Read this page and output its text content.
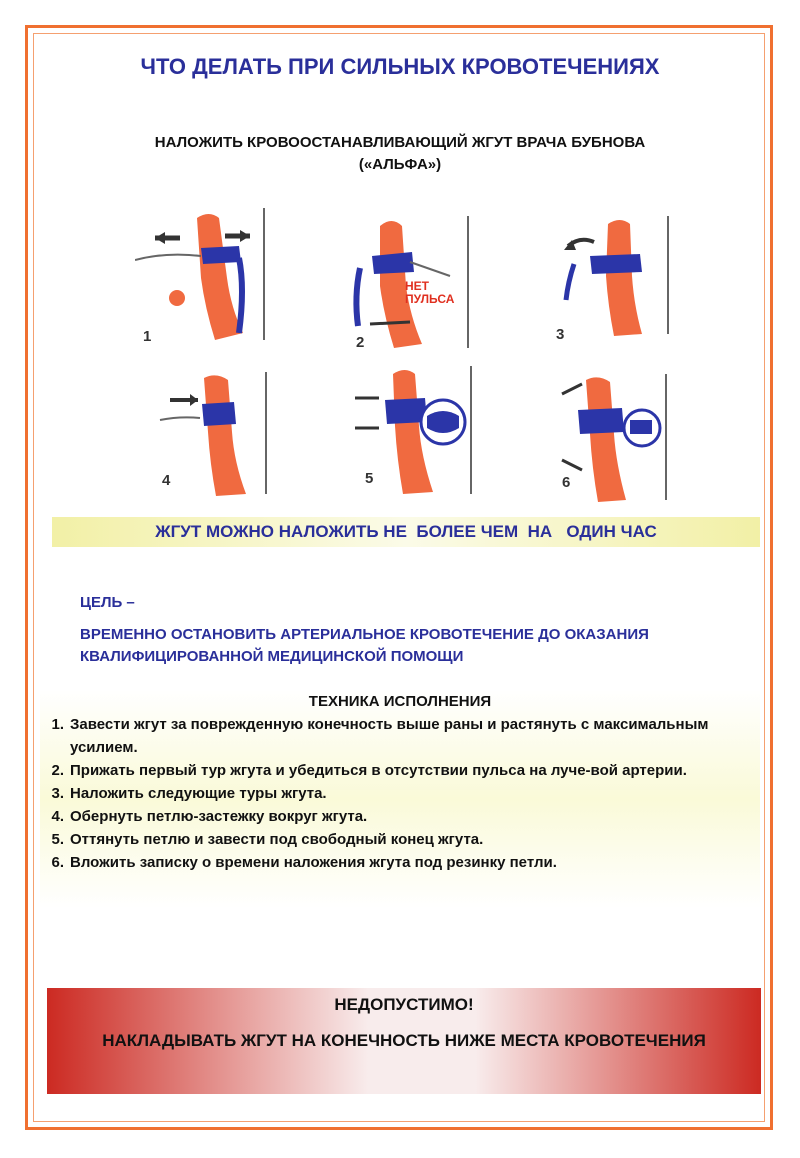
ЧТО ДЕЛАТЬ ПРИ СИЛЬНЫХ КРОВОТЕЧЕНИЯХ
НАЛОЖИТЬ КРОВООСТАНАВЛИВАЮЩИЙ ЖГУТ ВРАЧА БУБНОВА
(«АЛЬФА»)
1	2
НЕТ
ПУЛЬСА
3
4	5	6
ЖГУТ МОЖНО НАЛОЖИТЬ НЕ  БОЛЕЕ ЧЕМ  НА   ОДИН ЧАС
ЦЕЛЬ –
ВРЕМЕННО ОСТАНОВИТЬ АРТЕРИАЛЬНОЕ КРОВОТЕЧЕНИЕ ДО ОКАЗАНИЯ КВАЛИФИЦИРОВАННОЙ МЕДИЦИНСКОЙ ПОМОЩИ
ТЕХНИКА ИСПОЛНЕНИЯ
1. Завести жгут за поврежденную конечность выше раны и растянуть с максимальным усилием.
2. Прижать первый тур жгута и убедиться в отсутствии пульса на луче-вой артерии.
3. Наложить следующие туры жгута.
4. Обернуть петлю-застежку вокруг жгута.
5. Оттянуть петлю и завести под свободный конец жгута.
6. Вложить записку о времени наложения жгута под резинку петли.
НЕДОПУСТИМО!
НАКЛАДЫВАТЬ ЖГУТ НА КОНЕЧНОСТЬ НИЖЕ МЕСТА КРОВОТЕЧЕНИЯ
